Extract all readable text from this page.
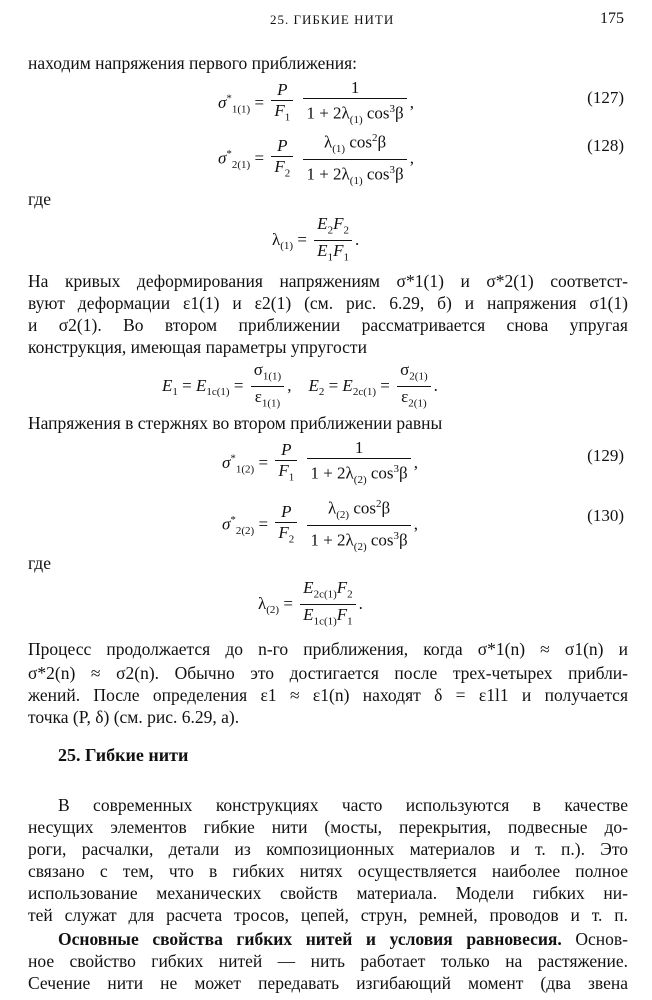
25. ГИБКИЕ НИТИ	175
находим напряжения первого приближения:
$\sigma^*_{1(1)} = \frac{P}{F_1}$
$\frac{1}{1 + 2\lambda_{(1)} \cos^3\beta}$ ,	(127)
$\sigma^*_{2(1)} = \frac{P}{F_2}$
$\frac{\lambda_{(1)} \cos^2\beta}{1 + 2\lambda_{(1)} \cos^3\beta}$ ,
(128)
где
$\lambda_{(1)} = \frac{E_2F_2}{E_1F_1}$ .
На кривых деформирования напряжениям σ*1(1) и σ*2(1) соответст-
вуют деформации ε1(1) и ε2(1) (см. рис. 6.29, б) и напряжения σ1(1)
и σ2(1). Во втором приближении рассматривается снова упругая
конструкция, имеющая параметры упругости
$E_1 = E_{1c(1)} = \frac{\sigma_{1(1)}}{\varepsilon_{1(1)}}$ ,    $E_2 = E_{2c(1)} = \frac{\sigma_{2(1)}}{\varepsilon_{2(1)}}$ .
Напряжения в стержнях во втором приближении равны
$\sigma^*_{1(2)} = \frac{P}{F_1}$
$\frac{1}{1 + 2\lambda_{(2)} \cos^3\beta}$ ,	(129)
$\sigma^*_{2(2)} = \frac{P}{F_2}$
$\frac{\lambda_{(2)} \cos^2\beta}{1 + 2\lambda_{(2)} \cos^3\beta}$ ,	(130)
где
$\lambda_{(2)} = \frac{E_{2c(1)}F_2}{E_{1c(1)}F_1}$ .
Процесс продолжается до n-го приближения, когда σ*1(n) ≈ σ1(n) и
σ*2(n) ≈ σ2(n). Обычно это достигается после трех-четырех прибли-
жений. После определения ε1 ≈ ε1(n) находят δ = ε1l1 и получается
точка (P, δ) (см. рис. 6.29, a).
25. Гибкие нити
В современных конструкциях часто используются в качестве
несущих элементов гибкие нити (мосты, перекрытия, подвесные до-
роги, расчалки, детали из композиционных материалов и т. п.). Это
связано с тем, что в гибких нитях осуществляется наиболее полное
использование механических свойств материала. Модели гибких ни-
тей служат для расчета тросов, цепей, струн, ремней, проводов и т. п.
Основные свойства гибких нитей и условия равновесия. Основ-
ное свойство гибких нитей — нить работает только на растяжение.
Сечение нити не может передавать изгибающий момент (два звена
